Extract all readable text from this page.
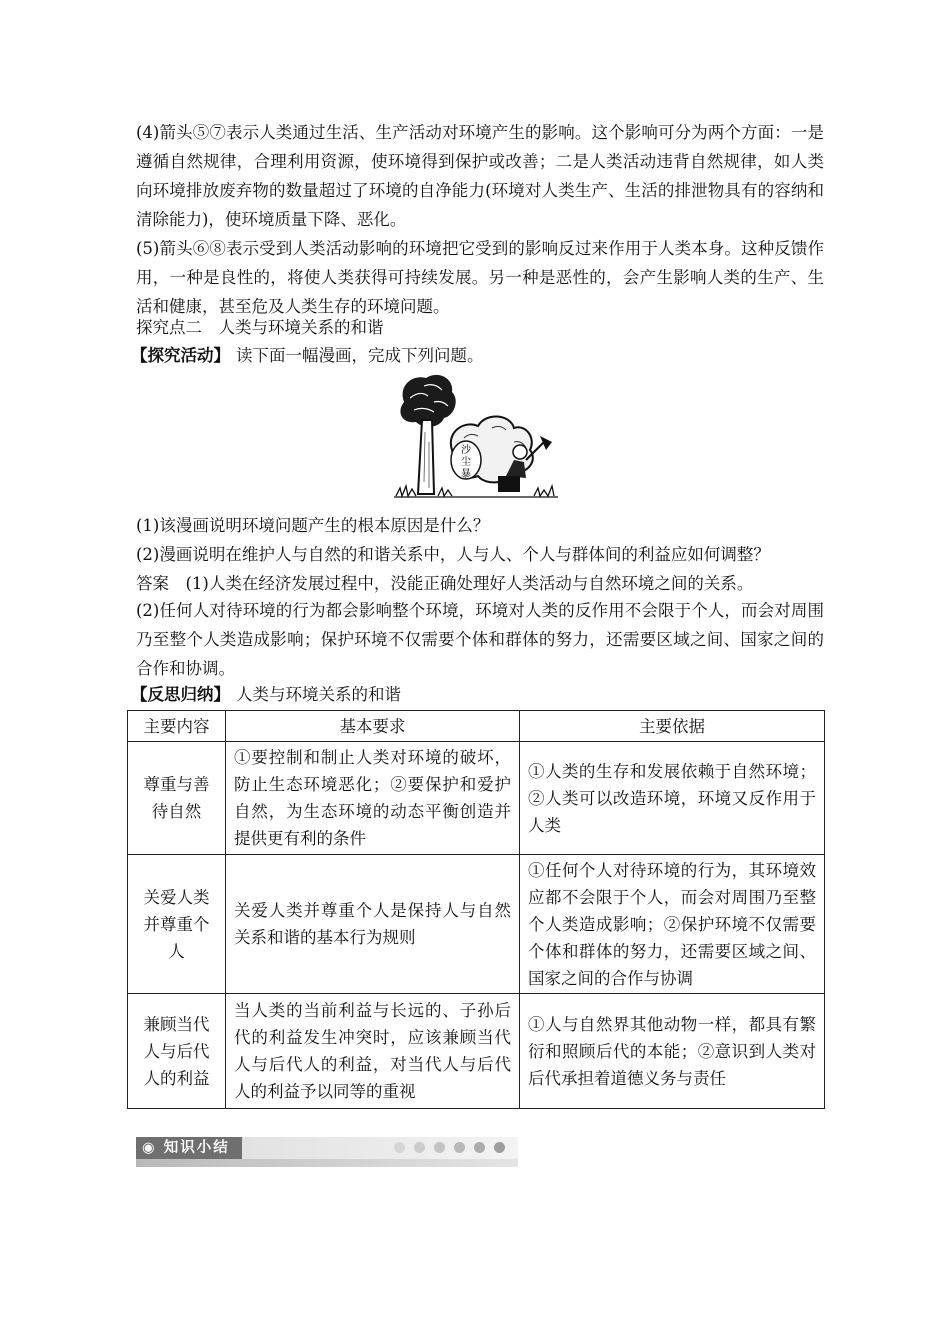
(4)箭头⑤⑦表示人类通过生活、生产活动对环境产生的影响。这个影响可分为两个方面：一是遵循自然规律，合理利用资源，使环境得到保护或改善；二是人类活动违背自然规律，如人类向环境排放废弃物的数量超过了环境的自净能力(环境对人类生产、生活的排泄物具有的容纳和清除能力)，使环境质量下降、恶化。

(5)箭头⑥⑧表示受到人类活动影响的环境把它受到的影响反过来作用于人类本身。这种反馈作用，一种是良性的，将使人类获得可持续发展。另一种是恶性的，会产生影响人类的生产、生活和健康，甚至危及人类生存的环境问题。

探究点二　人类与环境关系的和谐

【探究活动】 读下面一幅漫画，完成下列问题。

沙
尘
暴

(1)该漫画说明环境问题产生的根本原因是什么？

(2)漫画说明在维护人与自然的和谐关系中，人与人、个人与群体间的利益应如何调整？

答案　(1)人类在经济发展过程中，没能正确处理好人类活动与自然环境之间的关系。

(2)任何人对待环境的行为都会影响整个环境，环境对人类的反作用不会限于个人，而会对周围乃至整个人类造成影响；保护环境不仅需要个体和群体的努力，还需要区域之间、国家之间的合作和协调。

【反思归纳】 人类与环境关系的和谐

主要内容	基本要求	主要依据
尊重与善待自然	①要控制和制止人类对环境的破坏，防止生态环境恶化；②要保护和爱护自然，为生态环境的动态平衡创造并提供更有利的条件	①人类的生存和发展依赖于自然环境；②人类可以改造环境，环境又反作用于人类
关爱人类并尊重个人	关爱人类并尊重个人是保持人与自然关系和谐的基本行为规则	①任何个人对待环境的行为，其环境效应都不会限于个人，而会对周围乃至整个人类造成影响；②保护环境不仅需要个体和群体的努力，还需要区域之间、国家之间的合作与协调
兼顾当代人与后代人的利益	当人类的当前利益与长远的、子孙后代的利益发生冲突时，应该兼顾当代人与后代人的利益，对当代人与后代人的利益予以同等的重视	①人与自然界其他动物一样，都具有繁衍和照顾后代的本能；②意识到人类对后代承担着道德义务与责任
◉ 知识小结
